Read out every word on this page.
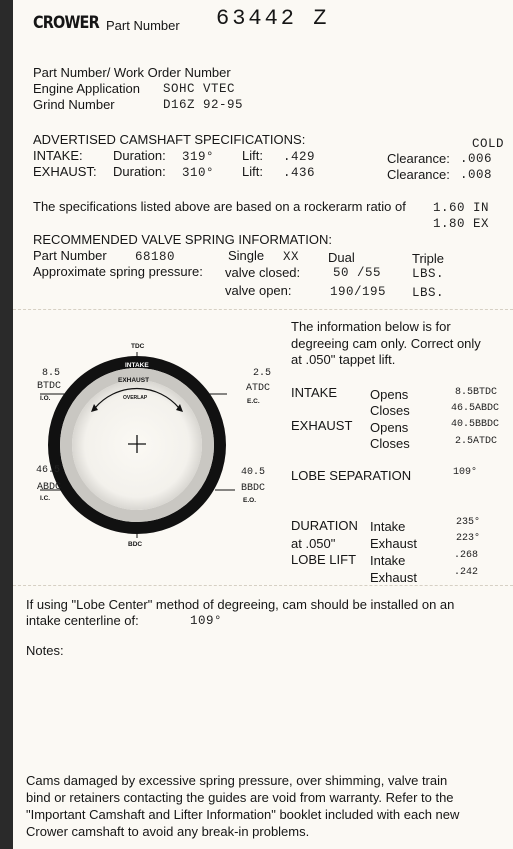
CROWER Part Number 63442 Z
Part Number/ Work Order Number
Engine Application SOHC VTEC
Grind Number	D16Z 92-95
ADVERTISED CAMSHAFT SPECIFICATIONS:	COLD
INTAKE: Duration: 319° Lift: .429	Clearance: .006
EXHAUST: Duration: 310° Lift: .436	Clearance: .008
The specifications listed above are based on a rockerarm ratio of 1.60 IN
1.80 EX
RECOMMENDED VALVE SPRING INFORMATION:
Part Number 68180	Single XX Dual	Triple
Approximate spring pressure: valve closed:	50 /55 LBS.
valve open:	190/195 LBS.
TDC
INTAKE
EXHAUST
OVERLAP
BDC
8.5
BTDC
I.O.
2.5
ATDC
E.C.
46.5
ABDC
I.C.
40.5
BBDC
E.O.
The information below is for
degreeing cam only. Correct only
at .050" tappet lift.
INTAKE	Opens	8.5BTDC
Closes	46.5ABDC
EXHAUST Opens	40.5BBDC
Closes	2.5ATDC
LOBE SEPARATION	109°
DURATION Intake	235°
at .050"	Exhaust	223°
LOBE LIFT Intake	.268
Exhaust	.242
If using "Lobe Center" method of degreeing, cam should be installed on an
intake centerline of:	109°
Notes:
Cams damaged by excessive spring pressure, over shimming, valve train
bind or retainers contacting the guides are void from warranty. Refer to the
"Important Camshaft and Lifter Information" booklet included with each new
Crower camshaft to avoid any break-in problems.
